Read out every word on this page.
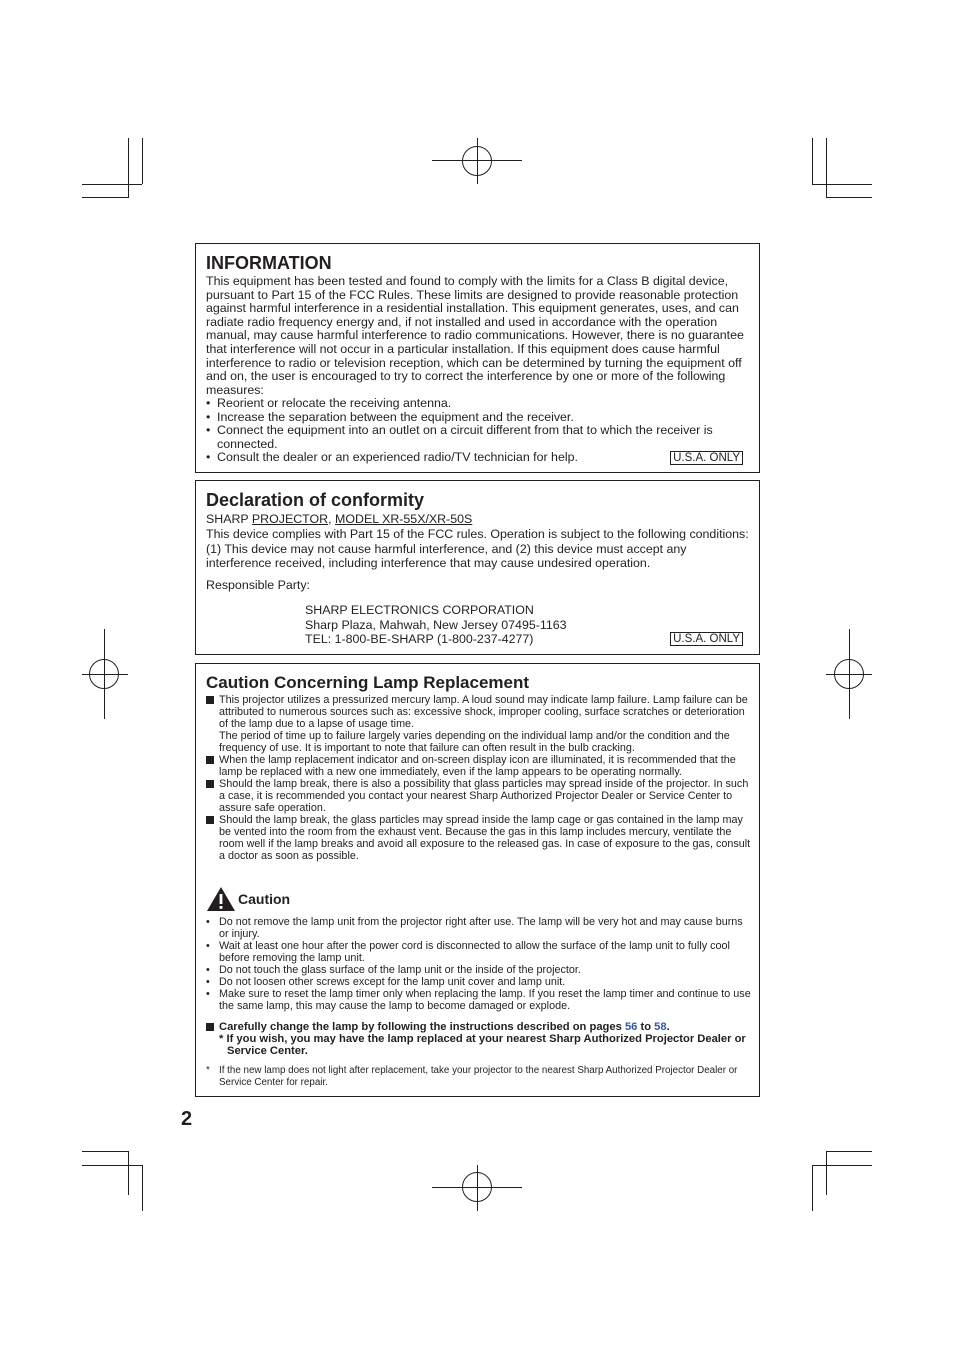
INFORMATION

This equipment has been tested and found to comply with the limits for a Class B digital device, pursuant to Part 15 of the FCC Rules. These limits are designed to provide reasonable protection against harmful interference in a residential installation. This equipment generates, uses, and can radiate radio frequency energy and, if not installed and used in accordance with the operation manual, may cause harmful interference to radio communications. However, there is no guarantee that interference will not occur in a particular installation. If this equipment does cause harmful interference to radio or television reception, which can be determined by turning the equipment off and on, the user is encouraged to try to correct the interference by one or more of the following measures:

• Reorient or relocate the receiving antenna.
• Increase the separation between the equipment and the receiver.
• Connect the equipment into an outlet on a circuit different from that to which the receiver is connected.
• Consult the dealer or an experienced radio/TV technician for help.	U.S.A. ONLY
Declaration of conformity

SHARP PROJECTOR, MODEL XR-55X/XR-50S

This device complies with Part 15 of the FCC rules. Operation is subject to the following conditions: (1) This device may not cause harmful interference, and (2) this device must accept any interference received, including interference that may cause undesired operation.

Responsible Party:

SHARP ELECTRONICS CORPORATION
Sharp Plaza, Mahwah, New Jersey 07495-1163
TEL: 1-800-BE-SHARP (1-800-237-4277)	U.S.A. ONLY
Caution Concerning Lamp Replacement
This projector utilizes a pressurized mercury lamp. A loud sound may indicate lamp failure. Lamp failure can be attributed to numerous sources such as: excessive shock, improper cooling, surface scratches or deterioration of the lamp due to a lapse of usage time.
The period of time up to failure largely varies depending on the individual lamp and/or the condition and the frequency of use. It is important to note that failure can often result in the bulb cracking.
When the lamp replacement indicator and on-screen display icon are illuminated, it is recommended that the lamp be replaced with a new one immediately, even if the lamp appears to be operating normally.
Should the lamp break, there is also a possibility that glass particles may spread inside of the projector. In such a case, it is recommended you contact your nearest Sharp Authorized Projector Dealer or Service Center to assure safe operation.
Should the lamp break, the glass particles may spread inside the lamp cage or gas contained in the lamp may be vented into the room from the exhaust vent. Because the gas in this lamp includes mercury, ventilate the room well if the lamp breaks and avoid all exposure to the released gas. In case of exposure to the gas, consult a doctor as soon as possible.
Caution
• Do not remove the lamp unit from the projector right after use. The lamp will be very hot and may cause burns or injury.
• Wait at least one hour after the power cord is disconnected to allow the surface of the lamp unit to fully cool before removing the lamp unit.
• Do not touch the glass surface of the lamp unit or the inside of the projector.
• Do not loosen other screws except for the lamp unit cover and lamp unit.
• Make sure to reset the lamp timer only when replacing the lamp. If you reset the lamp timer and continue to use the same lamp, this may cause the lamp to become damaged or explode.
Carefully change the lamp by following the instructions described on pages 56 to 58.
* If you wish, you may have the lamp replaced at your nearest Sharp Authorized Projector Dealer or Service Center.
* If the new lamp does not light after replacement, take your projector to the nearest Sharp Authorized Projector Dealer or Service Center for repair.
2
